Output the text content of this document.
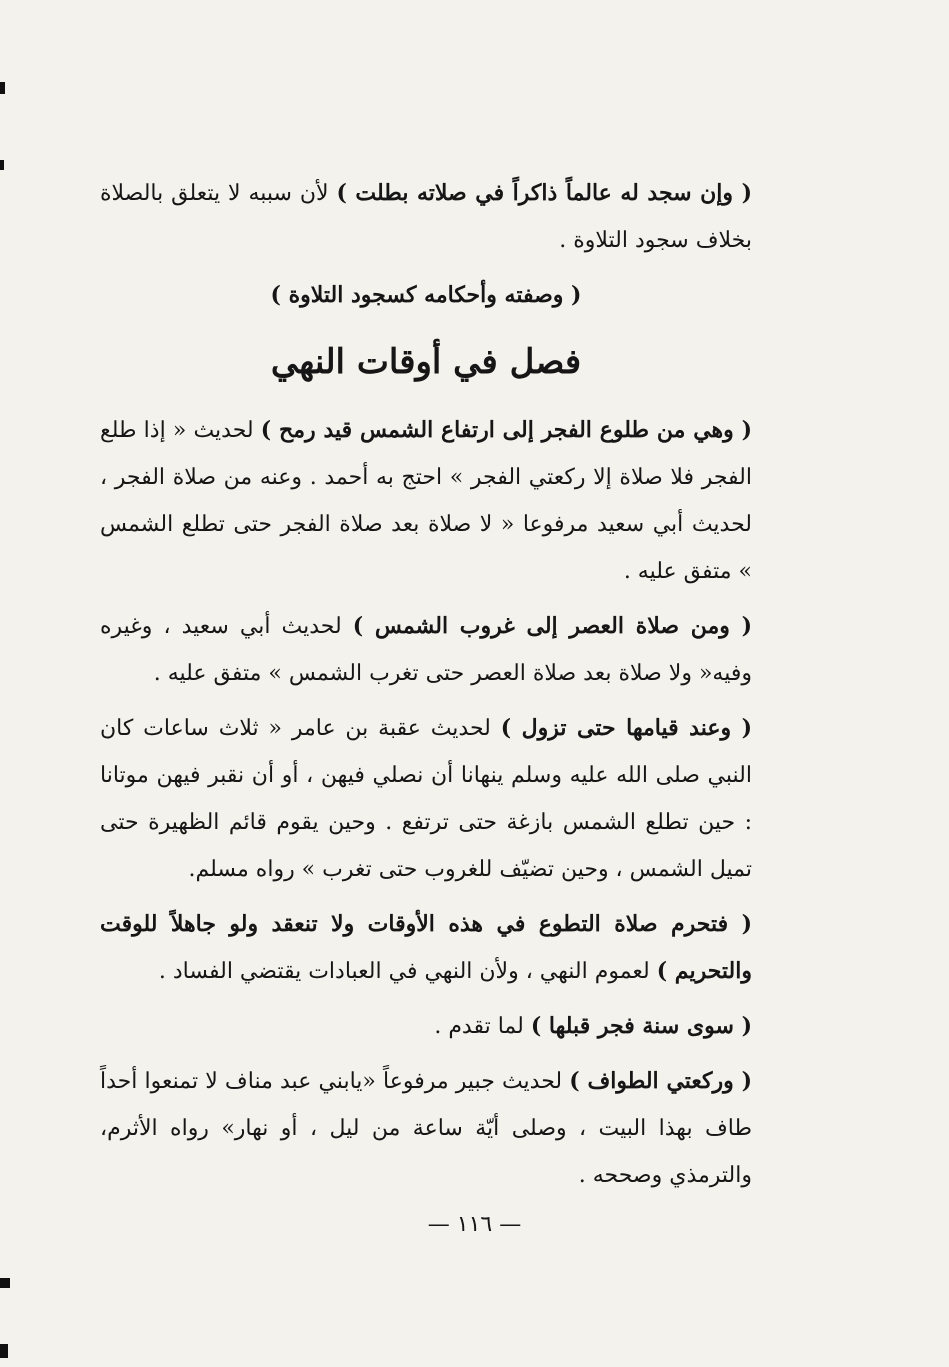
( وإن سجد له عالماً ذاكراً في صلاته بطلت ) لأن سببه لا يتعلق بالصلاة بخلاف سجود التلاوة .

( وصفته وأحكامه كسجود التلاوة )

فصل في أوقات النهي

( وهي من طلوع الفجر إلى ارتفاع الشمس قيد رمح ) لحديث « إذا طلع الفجر فلا صلاة إلا ركعتي الفجر » احتج به أحمد . وعنه من صلاة الفجر ، لحديث أبي سعيد مرفوعا « لا صلاة بعد صلاة الفجر حتى تطلع الشمس » متفق عليه .

( ومن صلاة العصر إلى غروب الشمس ) لحديث أبي سعيد ، وغيره وفيه« ولا صلاة بعد صلاة العصر حتى تغرب الشمس » متفق عليه .

( وعند قيامها حتى تزول ) لحديث عقبة بن عامر « ثلاث ساعات كان النبي صلى الله عليه وسلم ينهانا أن نصلي فيهن ، أو أن نقبر فيهن موتانا : حين تطلع الشمس بازغة حتى ترتفع . وحين يقوم قائم الظهيرة حتى تميل الشمس ، وحين تضيّف للغروب حتى تغرب » رواه مسلم.

( فتحرم صلاة التطوع في هذه الأوقات ولا تنعقد ولو جاهلاً للوقت والتحريم ) لعموم النهي ، ولأن النهي في العبادات يقتضي الفساد .

( سوى سنة فجر قبلها ) لما تقدم .

( وركعتي الطواف ) لحديث جبير مرفوعاً «يابني عبد مناف لا تمنعوا أحداً طاف بهذا البيت ، وصلى أيّة ساعة من ليل ، أو نهار» رواه الأثرم، والترمذي وصححه .

— ١١٦ —
